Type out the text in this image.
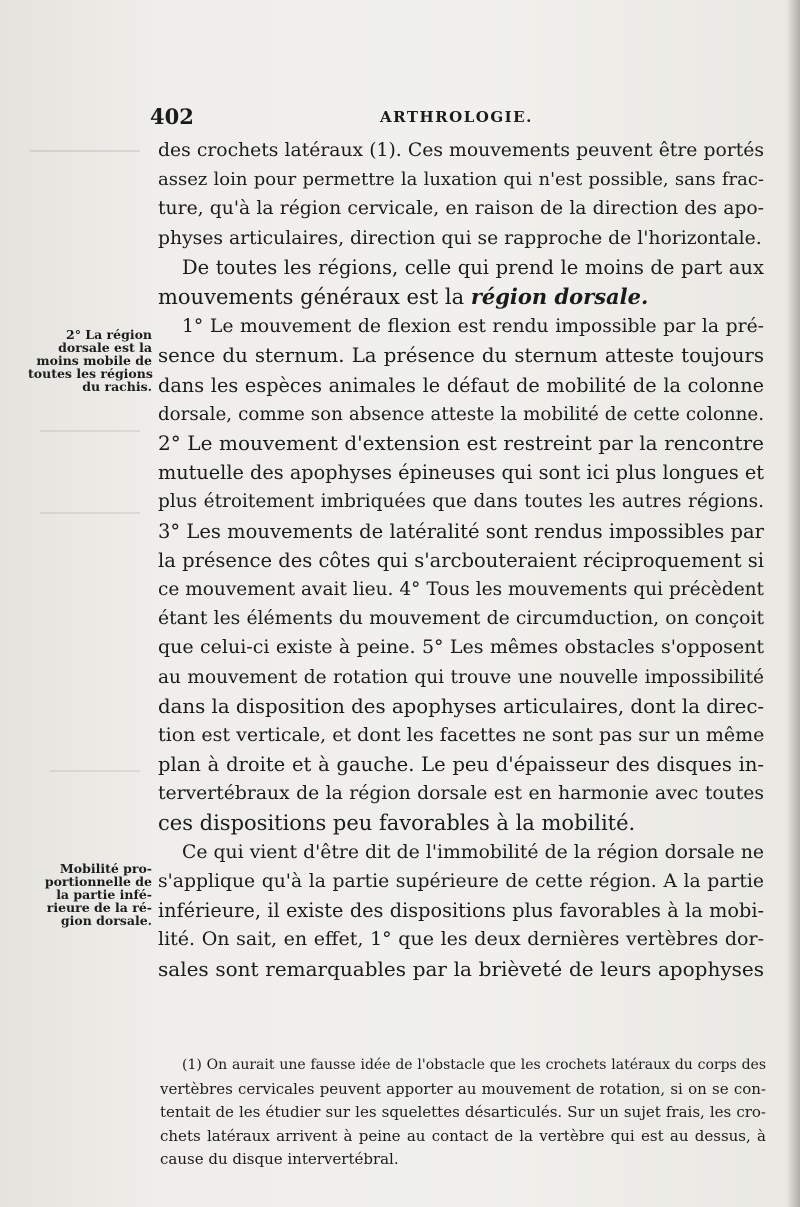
402	ARTHROLOGIE.
2° La région
dorsale est la
moins mobile de
toutes les régions
du rachis.
Mobilité pro-
portionnelle de
la partie infé-
rieure de la ré-
gion dorsale.
des crochets latéraux (1). Ces mouvements peuvent être portés
assez loin pour permettre la luxation qui n'est possible, sans frac-
ture, qu'à la région cervicale, en raison de la direction des apo-
physes articulaires, direction qui se rapproche de l'horizontale.
De toutes les régions, celle qui prend le moins de part aux
mouvements généraux est la région dorsale.
1° Le mouvement de flexion est rendu impossible par la pré-
sence du sternum. La présence du sternum atteste toujours
dans les espèces animales le défaut de mobilité de la colonne
dorsale, comme son absence atteste la mobilité de cette colonne.
2° Le mouvement d'extension est restreint par la rencontre
mutuelle des apophyses épineuses qui sont ici plus longues et
plus étroitement imbriquées que dans toutes les autres régions.
3° Les mouvements de latéralité sont rendus impossibles par
la présence des côtes qui s'arcbouteraient réciproquement si
ce mouvement avait lieu. 4° Tous les mouvements qui précèdent
étant les éléments du mouvement de circumduction, on conçoit
que celui-ci existe à peine. 5° Les mêmes obstacles s'opposent
au mouvement de rotation qui trouve une nouvelle impossibilité
dans la disposition des apophyses articulaires, dont la direc-
tion est verticale, et dont les facettes ne sont pas sur un même
plan à droite et à gauche. Le peu d'épaisseur des disques in-
tervertébraux de la région dorsale est en harmonie avec toutes
ces dispositions peu favorables à la mobilité.
Ce qui vient d'être dit de l'immobilité de la région dorsale ne
s'applique qu'à la partie supérieure de cette région. A la partie
inférieure, il existe des dispositions plus favorables à la mobi-
lité. On sait, en effet, 1° que les deux dernières vertèbres dor-
sales sont remarquables par la brièveté de leurs apophyses
(1) On aurait une fausse idée de l'obstacle que les crochets latéraux du corps des
vertèbres cervicales peuvent apporter au mouvement de rotation, si on se con-
tentait de les étudier sur les squelettes désarticulés. Sur un sujet frais, les cro-
chets latéraux arrivent à peine au contact de la vertèbre qui est au dessus, à
cause du disque intervertébral.
